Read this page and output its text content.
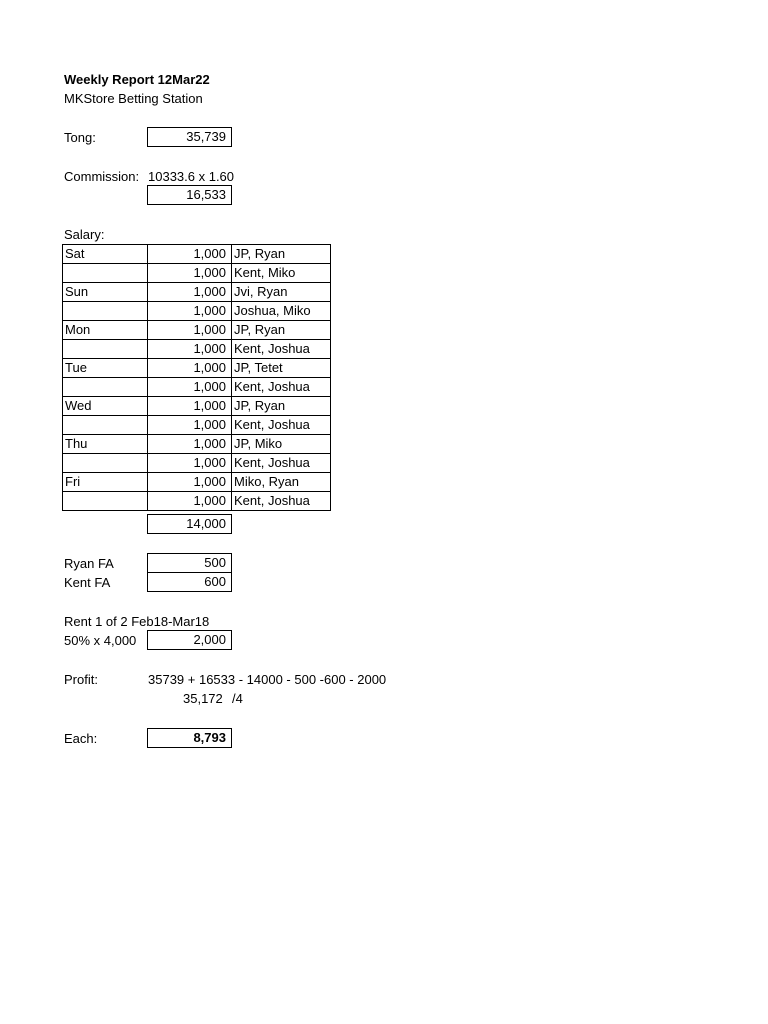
Weekly Report 12Mar22
MKStore Betting Station
Tong:	35,739
Commission: 10333.6 x 1.60
16,533
Salary:
Sat	1,000	JP, Ryan
	1,000	Kent, Miko
Sun	1,000	Jvi, Ryan
	1,000	Joshua, Miko
Mon	1,000	JP, Ryan
	1,000	Kent, Joshua
Tue	1,000	JP, Tetet
	1,000	Kent, Joshua
Wed	1,000	JP, Ryan
	1,000	Kent, Joshua
Thu	1,000	JP, Miko
	1,000	Kent, Joshua
Fri	1,000	Miko, Ryan
	1,000	Kent, Joshua
14,000
Ryan FA	500
Kent FA	600
Rent 1 of 2 Feb18-Mar18
50% x 4,000	2,000
Profit:	35739 + 16533 - 14000 - 500 -600 - 2000
35,172 /4
Each:	8,793
